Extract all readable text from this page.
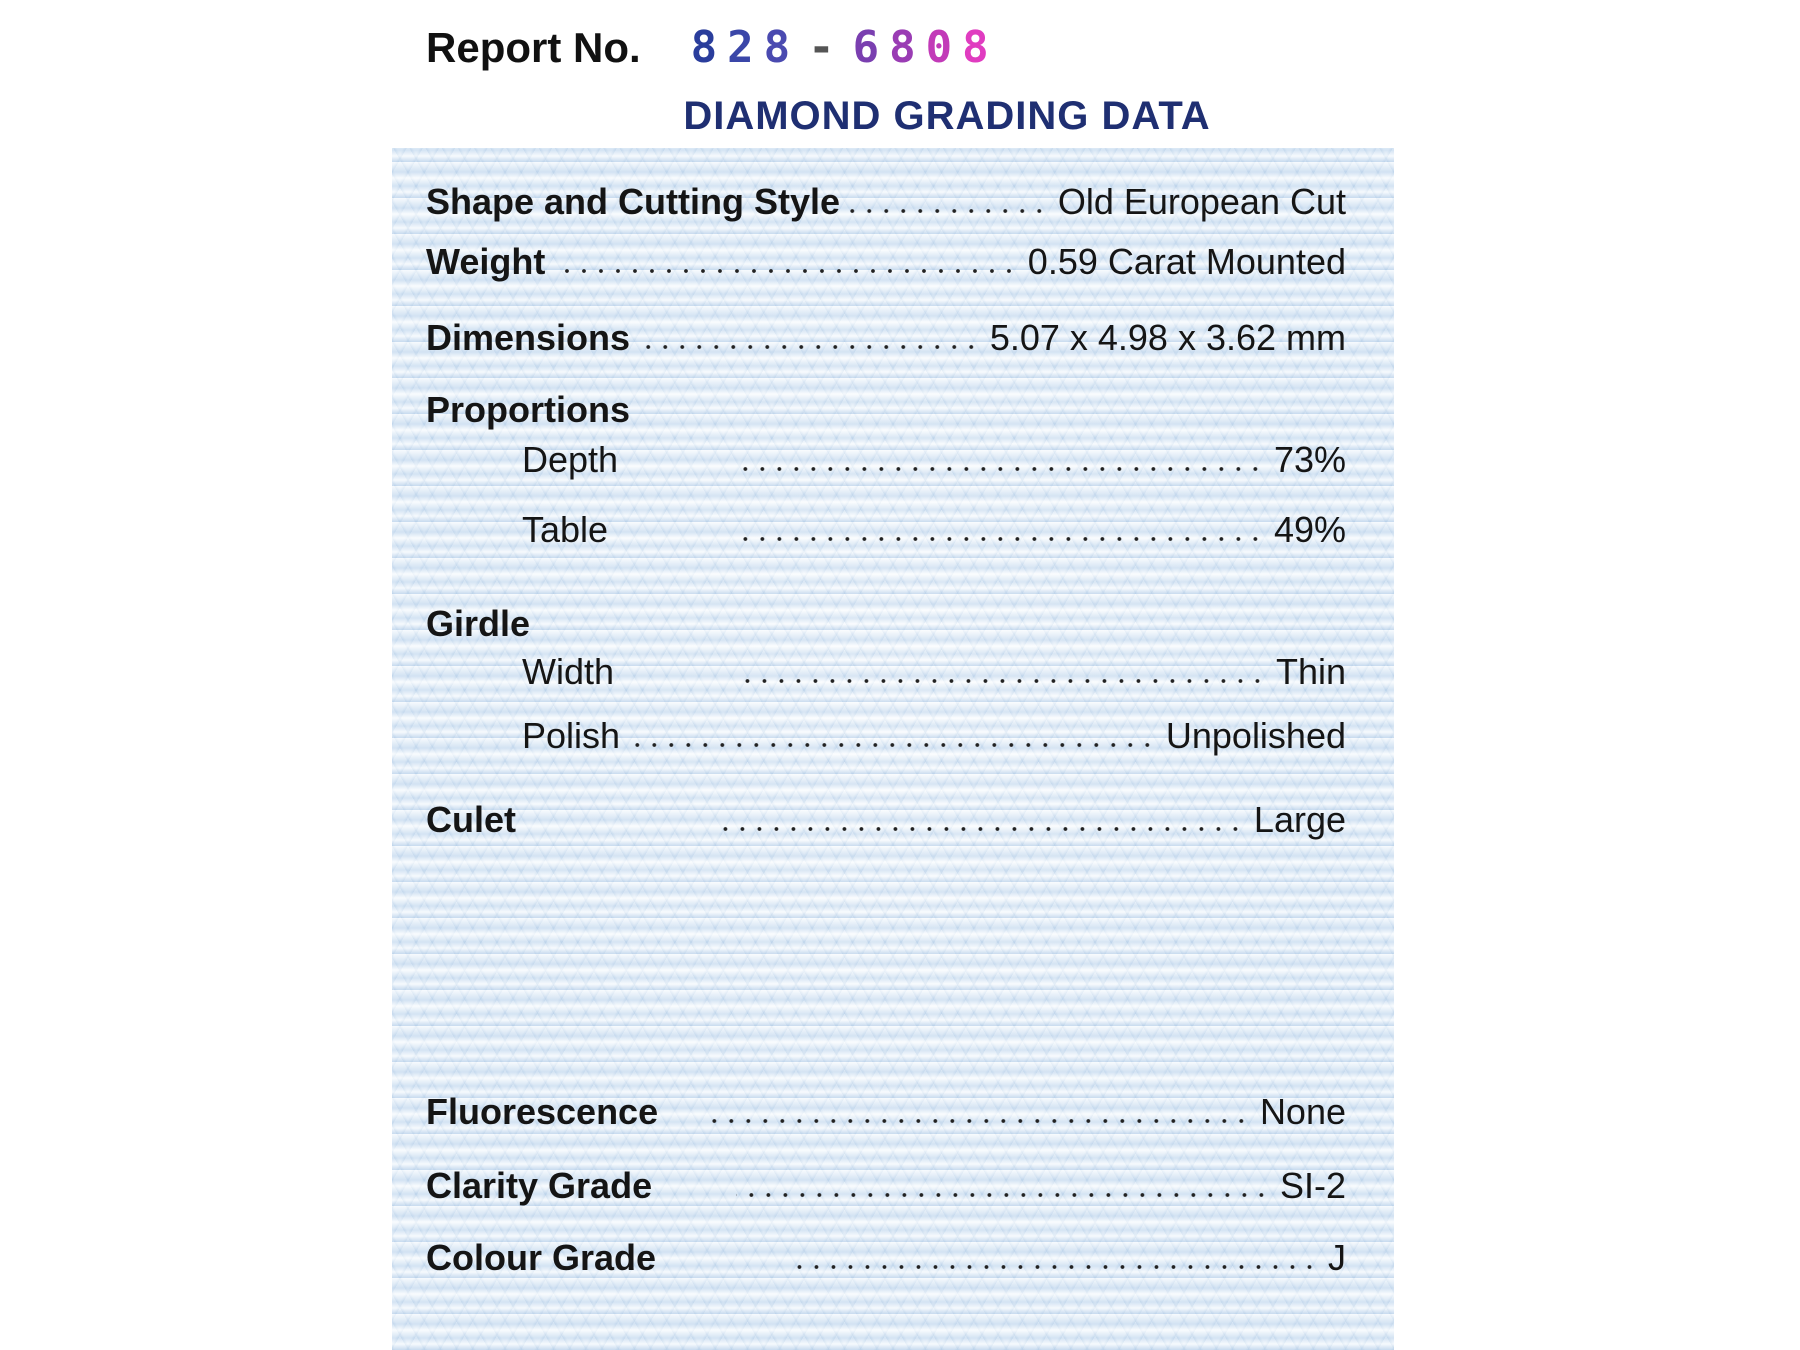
Report No. 828 - 6808
DIAMOND GRADING DATA
Shape and Cutting Style	Old European Cut
Weight	0.59 Carat Mounted
Dimensions	5.07 x 4.98 x 3.62 mm
Proportions
Depth	73%
Table	49%
Girdle
Width	Thin
Polish	Unpolished
Culet	Large
Fluorescence	None
Clarity Grade	SI-2
Colour Grade	J
